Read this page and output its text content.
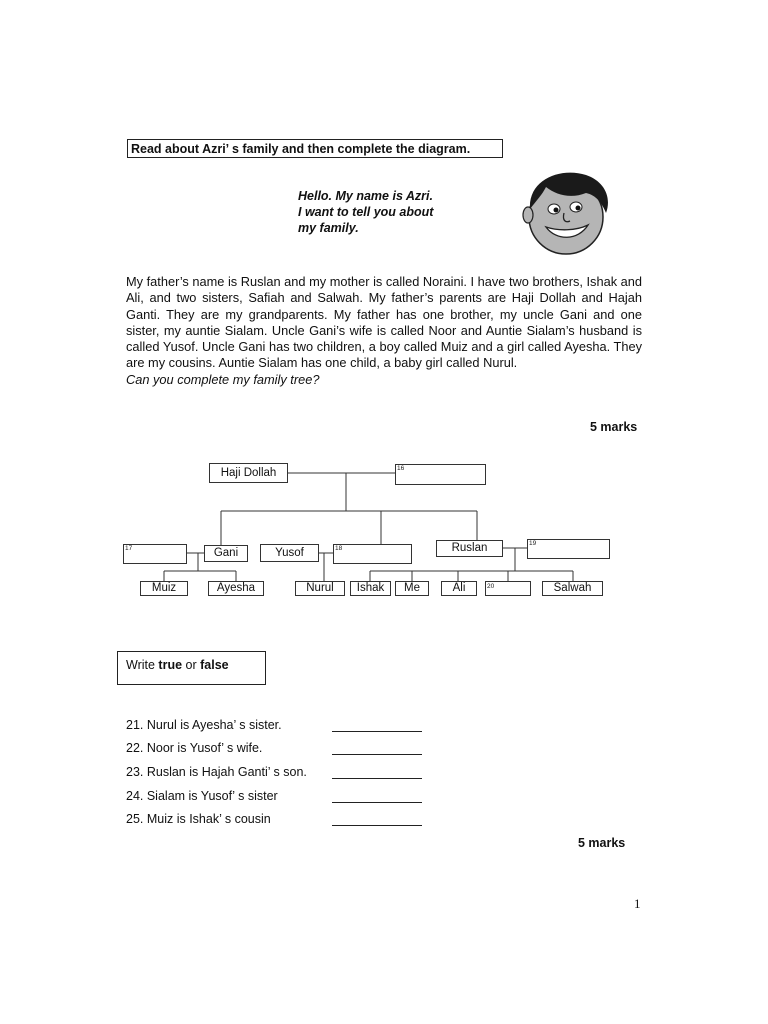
Read about Azri’ s family and then complete the diagram.
Hello. My name is Azri.
I want to tell you about
my family.
My father’s name is Ruslan and my mother is called Noraini. I have two brothers, Ishak and Ali, and two sisters, Safiah and Salwah. My father’s parents are Haji Dollah and Hajah Ganti. They are my grandparents. My father has one brother, my uncle Gani and one sister, my auntie Sialam. Uncle Gani’s wife is called Noor and Auntie Sialam’s husband is called Yusof. Uncle Gani has two children, a boy called Muiz and a girl called Ayesha. They are my cousins. Auntie Sialam has one child, a baby girl called Nurul.
Can you complete my family tree?
5 marks
Haji Dollah	16
17	Gani	Yusof	18	Ruslan	19
Muiz	Ayesha	Nurul	Ishak	Me	Ali	20	Salwah
Write true or false
21. Nurul is Ayesha’ s sister.
22. Noor is Yusof’ s wife.
23. Ruslan is Hajah Ganti’ s son.
24. Sialam is Yusof’ s sister
25. Muiz is Ishak’ s cousin
5 marks
1
